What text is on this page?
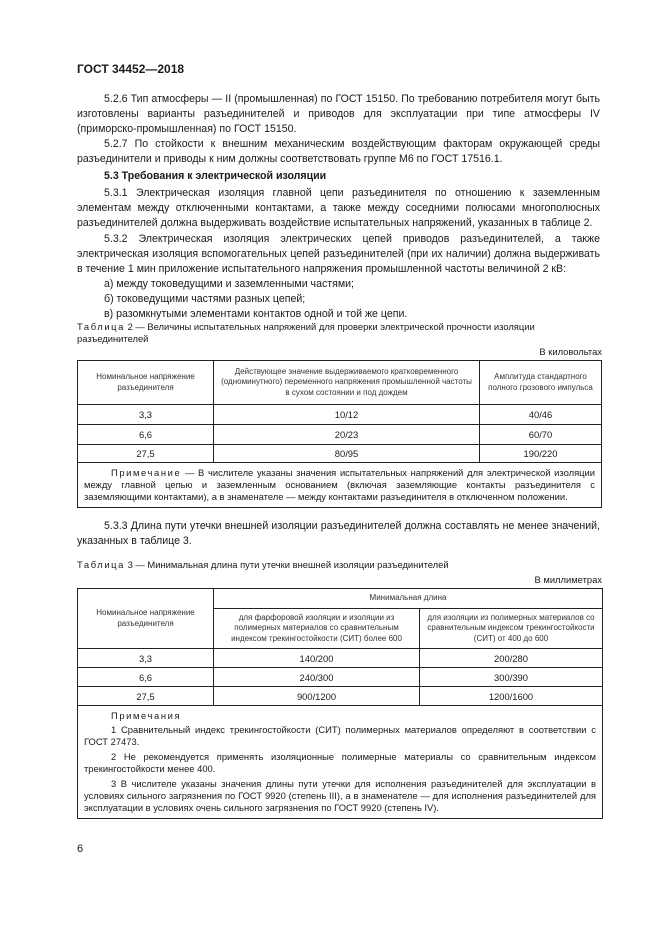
ГОСТ 34452—2018
5.2.6 Тип атмосферы — II (промышленная) по ГОСТ 15150. По требованию потребителя могут быть изготовлены варианты разъединителей и приводов для эксплуатации при типе атмосферы IV (приморско-промышленная) по ГОСТ 15150.
5.2.7 По стойкости к внешним механическим воздействующим факторам окружающей среды разъединители и приводы к ним должны соответствовать группе М6 по ГОСТ 17516.1.
5.3 Требования к электрической изоляции
5.3.1 Электрическая изоляция главной цепи разъединителя по отношению к заземленным элементам между отключенными контактами, а также между соседними полюсами многополюсных разъединителей должна выдерживать воздействие испытательных напряжений, указанных в таблице 2.
5.3.2 Электрическая изоляция электрических цепей приводов разъединителей, а также электрическая изоляция вспомогательных цепей разъединителей (при их наличии) должна выдерживать в течение 1 мин приложение испытательного напряжения промышленной частоты величиной 2 кВ:
а) между токоведущими и заземленными частями;
б) токоведущими частями разных цепей;
в) разомкнутыми элементами контактов одной и той же цепи.
Таблица 2 — Величины испытательных напряжений для проверки электрической прочности изоляции разъединителей
В киловольтах
Номинальное напряжение разъединителя	Действующее значение выдерживаемого кратковременного (одноминутного) переменного напряжения промышленной частоты в сухом состоянии и под дождем	Амплитуда стандартного полного грозового импульса
3,3	10/12	40/46
6,6	20/23	60/70
27,5	80/95	190/220

Примечание — В числителе указаны значения испытательных напряжений для электрической изоляции между главной цепью и заземленным основанием (включая заземляющие контакты разъединителя с заземляющими контактами), а в знаменателе — между контактами разъединителя в отключенном положении.		
5.3.3 Длина пути утечки внешней изоляции разъединителей должна составлять не менее значений, указанных в таблице 3.
Таблица 3 — Минимальная длина пути утечки внешней изоляции разъединителей
В миллиметрах
Номинальное напряжение разъединителя	Минимальная длина	
	для фарфоровой изоляции и изоляции из полимерных материалов со сравнительным индексом трекингостойкости (СИТ) более 600	для изоляции из полимерных материалов со сравнительным индексом трекингостойкости (СИТ) от 400 до 600
3,3	140/200	200/280
6,6	240/300	300/390
27,5	900/1200	1200/1600

Примечания
1 Сравнительный индекс трекингостойкости (СИТ) полимерных материалов определяют в соответствии с ГОСТ 27473.
2 Не рекомендуется применять изоляционные полимерные материалы со сравнительным индексом трекингостойкости менее 400.
3 В числителе указаны значения длины пути утечки для исполнения разъединителей для эксплуатации в условиях сильного загрязнения по ГОСТ 9920 (степень III), а в знаменателе — для исполнения разъединителей для эксплуатации в условиях очень сильного загрязнения по ГОСТ 9920 (степень IV).		
6
